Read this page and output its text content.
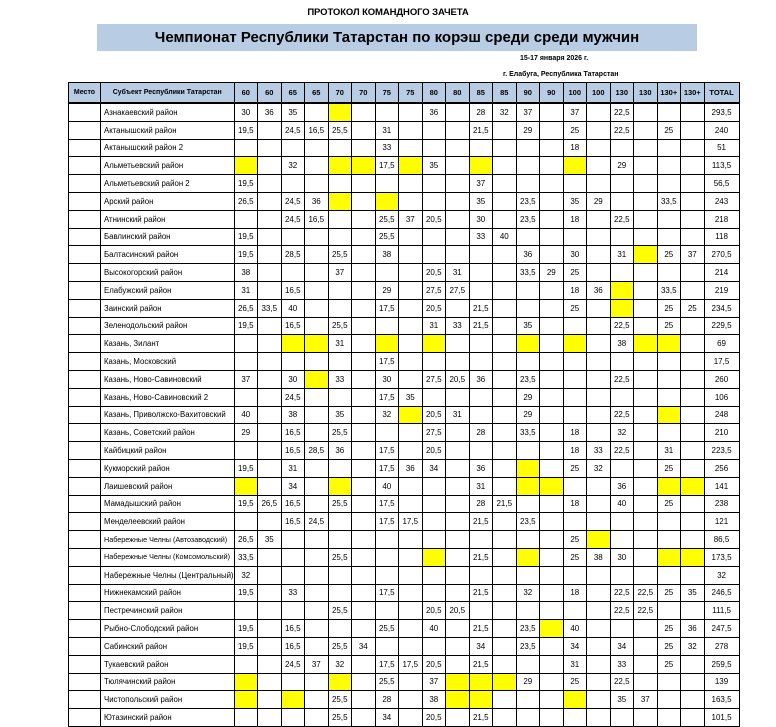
ПРОТОКОЛ КОМАНДНОГО ЗАЧЕТА
Чемпионат Республики Татарстан по корэш среди среди мужчин
15-17 января 2026 г.
г. Елабуга, Республика Татарстан
Место	Субъект Республики Татарстан	60	60	65	65	70	70	75	75	80	80	85	85	90	90	100	100	130	130	130+	130+	TOTAL
	Азнакаевский район	30	36	35						36		28	32	37		37		22,5				293,5
	Актанышский район	19,5		24,5	16,5	25,5		31				21,5		29		25		22,5		25		240
	Актанышский район 2							33								18						51
	Альметьевский район			32				17,5		35								29				113,5
	Альметьевский район 2	19,5										37										56,5
	Арский район	26,5		24,5	36							35		23,5		35	29			33,5		243
	Атнинский район			24,5	16,5			25,5	37	20,5		30		23,5		18		22,5				218
	Бавлинский район	19,5						25,5				33	40									118
	Балтасинский район	19,5		28,5		25,5		38						36		30		31		25	37	270,5
	Высокогорский район	38				37				20,5	31			33,5	29	25						214
	Елабужский район	31		16,5				29		27,5	27,5					18	36			33,5		219
	Заинский район	26,5	33,5	40				17,5		20,5		21,5				25				25	25	234,5
	Зеленодольский район	19,5		16,5		25,5				31	33	21,5		35				22,5		25		229,5
	Казань, Зилант					31												38				69
	Казань, Московский							17,5														17,5
	Казань, Ново-Савиновский	37		30		33		30		27,5	20,5	36		23,5				22,5				260
	Казань, Ново-Савиновский 2			24,5				17,5	35					29								106
	Казань, Приволжско-Вахитовский	40		38		35		32		20,5	31			29				22,5				248
	Казань, Советский район	29		16,5		25,5				27,5		28		33,5		18		32				210
	Кайбицкий район			16,5	28,5	36		17,5		20,5						18	33	22,5		31		223,5
	Кукморский район	19,5		31				17,5	36	34		36				25	32			25		256
	Лаишевский район			34				40				31						36				141
	Мамадышский район	19,5	26,5	16,5		25,5		17,5				28	21,5			18		40		25		238
	Менделеевский район			16,5	24,5			17,5	17,5			21,5		23,5								121
	Набережные Челны (Автозаводский)	26,5	35													25						86,5
	Набережные Челны (Комсомольский)	33,5				25,5						21,5				25	38	30				173,5
	Набережные Челны (Центральный)	32																				32
	Нижнекамский район	19,5		33				17,5				21,5		32		18		22,5	22,5	25	35	246,5
	Пестречинский район					25,5				20,5	20,5							22,5	22,5			111,5
	Рыбно-Слободский район	19,5		16,5				25,5		40		21,5		23,5		40				25	36	247,5
	Сабинский район	19,5		16,5		25,5	34					34		23,5		34		34		25	32	278
	Тукаевский район			24,5	37	32		17,5	17,5	20,5		21,5				31		33		25		259,5
	Тюлячинский район							25,5		37				29		25		22,5				139
	Чистопольский район					25,5		28		38								35	37			163,5
	Ютазинский район					25,5		34		20,5		21,5										101,5
